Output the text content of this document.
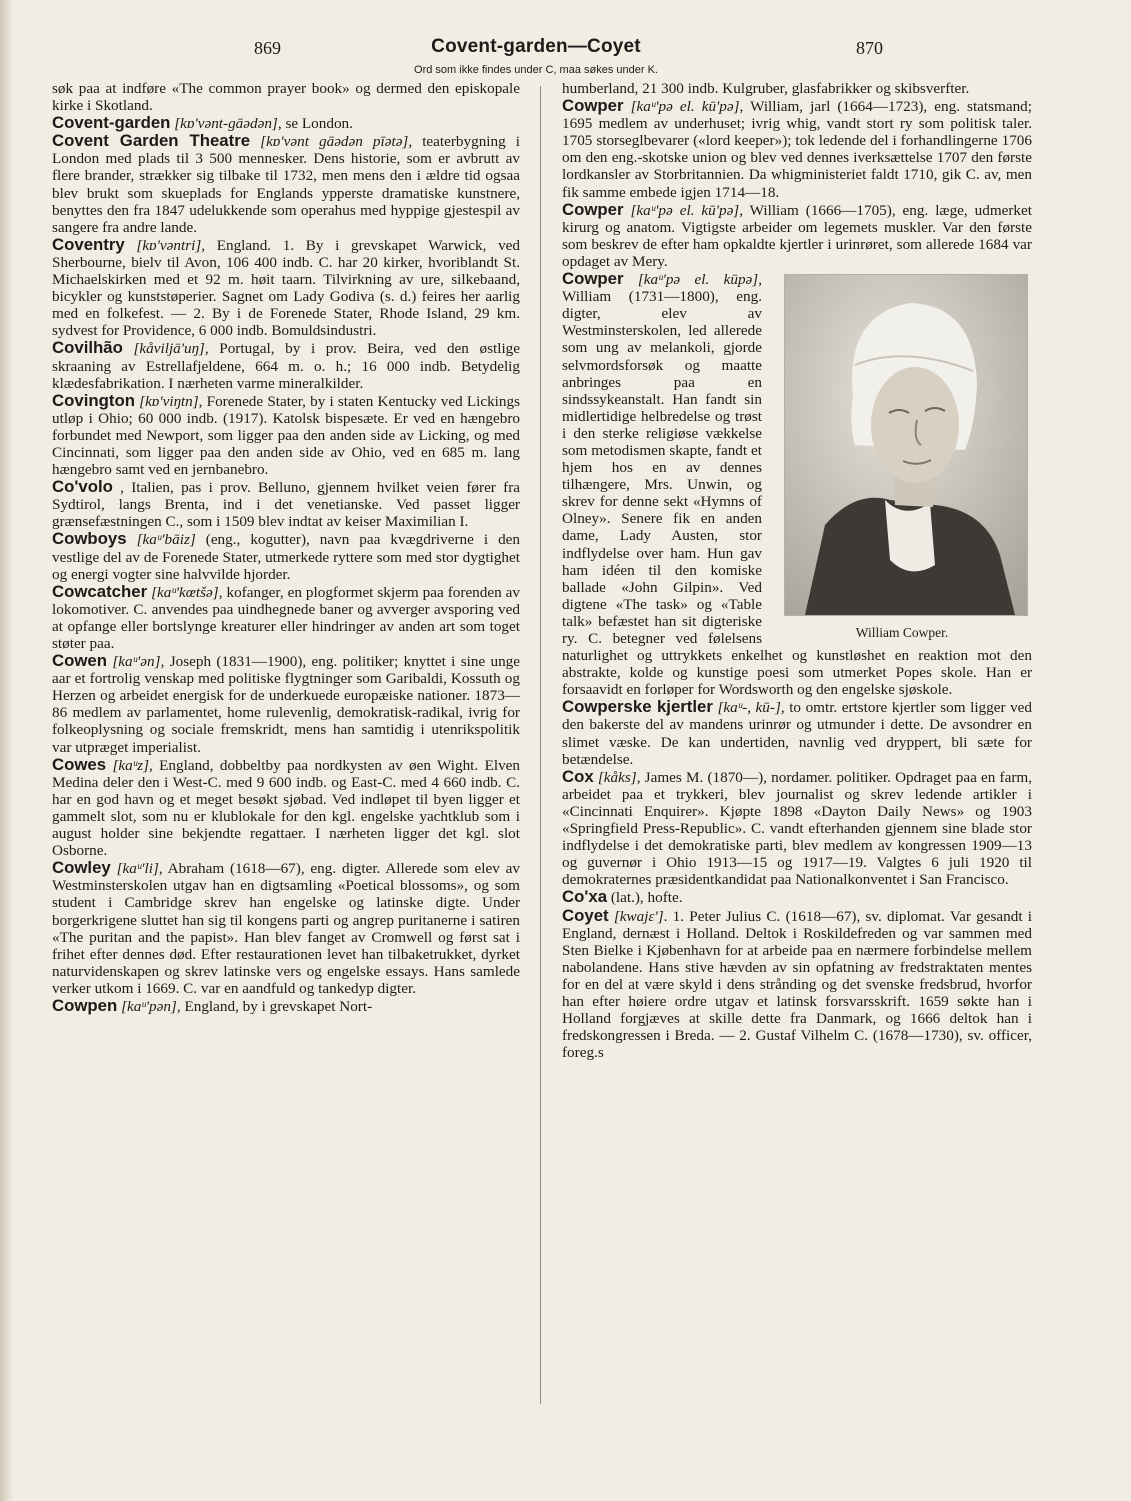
869	Covent-garden—Coyet	870
Ord som ikke findes under C, maa søkes under K.

søk paa at indføre «The common prayer book» og dermed den episkopale kirke i Skotland.

Covent-garden [kɒ'vənt-gāədən], se London.

Covent Garden Theatre [kɒ'vənt gāədən pīətə], teaterbygning i London med plads til 3 500 mennesker. Dens historie, som er avbrutt av flere brander, strækker sig tilbake til 1732, men mens den i ældre tid ogsaa blev brukt som skueplads for Englands ypperste dramatiske kunstnere, benyttes den fra 1847 udelukkende som operahus med hyppige gjestespil av sangere fra andre lande.

Coventry [kɒ'vəntri], England. 1. By i grevskapet Warwick, ved Sherbourne, bielv til Avon, 106 400 indb. C. har 20 kirker, hvoriblandt St. Michaelskirken med et 92 m. høit taarn. Tilvirkning av ure, silkebaand, bicykler og kunststøperier. Sagnet om Lady Godiva (s. d.) feires her aarlig med en folkefest. — 2. By i de Forenede Stater, Rhode Island, 29 km. sydvest for Providence, 6 000 indb. Bomuldsindustri.

Covilhão [kåviljā'uŋ], Portugal, by i prov. Beira, ved den østlige skraaning av Estrellafjeldene, 664 m. o. h.; 16 000 indb. Betydelig klædesfabrikation. I nærheten varme mineralkilder.

Covington [kɒ'viŋtn], Forenede Stater, by i staten Kentucky ved Lickings utløp i Ohio; 60 000 indb. (1917). Katolsk bispesæte. Er ved en hængebro forbundet med Newport, som ligger paa den anden side av Licking, og med Cincinnati, som ligger paa den anden side av Ohio, ved en 685 m. lang hængebro samt ved en jernbanebro.

Co'volo , Italien, pas i prov. Belluno, gjennem hvilket veien fører fra Sydtirol, langs Brenta, ind i det venetianske. Ved passet ligger grænsefæstningen C., som i 1509 blev indtat av keiser Maximilian I.

Cowboys [kaᵘ'bāiz] (eng., kogutter), navn paa kvægdriverne i den vestlige del av de Forenede Stater, utmerkede ryttere som med stor dygtighet og energi vogter sine halvvilde hjorder.

Cowcatcher [kaᵘ'kœtšə], kofanger, en plogformet skjerm paa forenden av lokomotiver. C. anvendes paa uindhegnede baner og avverger avsporing ved at opfange eller bortslynge kreaturer eller hindringer av anden art som toget støter paa.

Cowen [kaᵘ'ən], Joseph (1831—1900), eng. politiker; knyttet i sine unge aar et fortrolig venskap med politiske flygtninger som Garibaldi, Kossuth og Herzen og arbeidet energisk for de underkuede europæiske nationer. 1873—86 medlem av parlamentet, home rulevenlig, demokratisk-radikal, ivrig for folkeoplysning og sociale fremskridt, mens han samtidig i utenrikspolitik var utpræget imperialist.

Cowes [kaᵘz], England, dobbeltby paa nordkysten av øen Wight. Elven Medina deler den i West-C. med 9 600 indb. og East-C. med 4 660 indb. C. har en god havn og et meget besøkt sjøbad. Ved indløpet til byen ligger et gammelt slot, som nu er klublokale for den kgl. engelske yachtklub som i august holder sine bekjendte regattaer. I nærheten ligger det kgl. slot Osborne.

Cowley [kaᵘ'li], Abraham (1618—67), eng. digter. Allerede som elev av Westminsterskolen utgav han en digtsamling «Poetical blossoms», og som student i Cambridge skrev han engelske og latinske digte. Under borgerkrigene sluttet han sig til kongens parti og angrep puritanerne i satiren «The puritan and the papist». Han blev fanget av Cromwell og først sat i frihet efter dennes død. Efter restaurationen levet han tilbaketrukket, dyrket naturvidenskapen og skrev latinske vers og engelske essays. Hans samlede verker utkom i 1669. C. var en aandfuld og tankedyp digter.

Cowpen [kaᵘ'pən], England, by i grevskapet Nort-

humberland, 21 300 indb. Kulgruber, glasfabrikker og skibsverfter.

Cowper [kaᵘ'pə el. kū'pə], William, jarl (1664—1723), eng. statsmand; 1695 medlem av underhuset; ivrig whig, vandt stort ry som politisk taler. 1705 storseglbevarer («lord keeper»); tok ledende del i forhandlingerne 1706 om den eng.-skotske union og blev ved dennes iverksættelse 1707 den første lordkansler av Storbritannien. Da whigministeriet faldt 1710, gik C. av, men fik samme embede igjen 1714—18.

Cowper [kaᵘ'pə el. kū'pə], William (1666—1705), eng. læge, udmerket kirurg og anatom. Vigtigste arbeider om legemets muskler. Var den første som beskrev de efter ham opkaldte kjertler i urinrøret, som allerede 1684 var opdaget av Mery.

William Cowper.
Cowper [kaᵘ'pə el. kūpə], William (1731—1800), eng. digter, elev av Westminsterskolen, led allerede som ung av melankoli, gjorde selvmordsforsøk og maatte anbringes paa en sindssykeanstalt. Han fandt sin midlertidige helbredelse og trøst i den sterke religiøse vækkelse som metodismen skapte, fandt et hjem hos en av dennes tilhængere, Mrs. Unwin, og skrev for denne sekt «Hymns of Olney». Senere fik en anden dame, Lady Austen, stor indflydelse over ham. Hun gav ham idéen til den komiske ballade «John Gilpin». Ved digtene «The task» og «Table talk» befæstet han sit digteriske ry. C. betegner ved følelsens naturlighet og uttrykkets enkelhet og kunstløshet en reaktion mot den abstrakte, kolde og kunstige poesi som utmerket Popes skole. Han er forsaavidt en forløper for Wordsworth og den engelske sjøskole.

Cowperske kjertler [kaᵘ-, kū-], to omtr. ertstore kjertler som ligger ved den bakerste del av mandens urinrør og utmunder i dette. De avsondrer en slimet væske. De kan undertiden, navnlig ved dryppert, bli sæte for betændelse.

Cox [kåks], James M. (1870—), nordamer. politiker. Opdraget paa en farm, arbeidet paa et trykkeri, blev journalist og skrev ledende artikler i «Cincinnati Enquirer». Kjøpte 1898 «Dayton Daily News» og 1903 «Springfield Press-Republic». C. vandt efterhanden gjennem sine blade stor indflydelse i det demokratiske parti, blev medlem av kongressen 1909—13 og guvernør i Ohio 1913—15 og 1917—19. Valgtes 6 juli 1920 til demokraternes præsidentkandidat paa Nationalkonventet i San Francisco.

Co'xa (lat.), hofte.

Coyet [kwajɛ']. 1. Peter Julius C. (1618—67), sv. diplomat. Var gesandt i England, dernæst i Holland. Deltok i Roskildefreden og var sammen med Sten Bielke i Kjøbenhavn for at arbeide paa en nærmere forbindelse mellem nabolandene. Hans stive hævden av sin opfatning av fredstraktaten mentes for en del at være skyld i dens strånding og det svenske fredsbrud, hvorfor han efter høiere ordre utgav et latinsk forsvarsskrift. 1659 søkte han i Holland forgjæves at skille dette fra Danmark, og 1666 deltok han i fredskongressen i Breda. — 2. Gustaf Vilhelm C. (1678—1730), sv. officer, foreg.s
